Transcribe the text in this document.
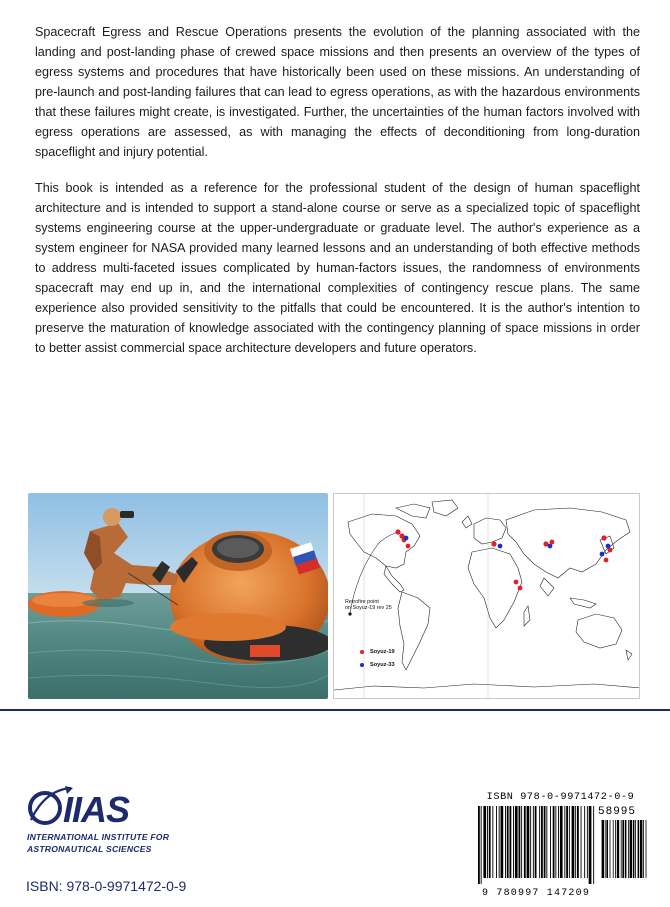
Spacecraft Egress and Rescue Operations presents the evolution of the planning associated with the landing and post-landing phase of crewed space missions and then presents an overview of the types of egress systems and procedures that have historically been used on these missions. An understanding of pre-launch and post-landing failures that can lead to egress operations, as with the hazardous environments that these failures might create, is investigated. Further, the uncertainties of the human factors involved with egress operations are assessed, as with managing the effects of deconditioning from long-duration spaceflight and injury potential.

This book is intended as a reference for the professional student of the design of human spaceflight architecture and is intended to support a stand-alone course or serve as a specialized topic of spaceflight systems engineering course at the upper-undergraduate or graduate level. The author's experience as a system engineer for NASA provided many learned lessons and an understanding of both effective methods to address multi-faceted issues complicated by human-factors issues, the randomness of environments spacecraft may end up in, and the international complexities of contingency rescue plans. The same experience also provided sensitivity to the pitfalls that could be encountered. It is the author's intention to preserve the maturation of knowledge associated with the contingency planning of space missions in order to better assist commercial space architecture developers and future operators.

Retrofire point
on Soyuz-19 rev 25
Soyuz-19
Soyuz-33
IIAS
INTERNATIONAL INSTITUTE FOR
ASTRONAUTICAL SCIENCES
ISBN: 978-0-9971472-0-9
ISBN 978-0-9971472-0-9
58995
9 780997 147209
